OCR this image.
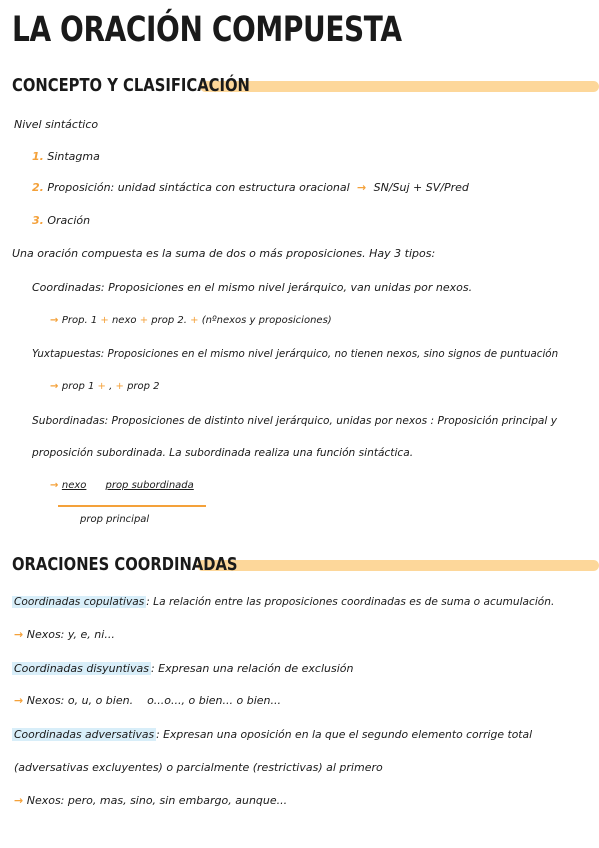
LA ORACIÓN COMPUESTA
CONCEPTO Y CLASIFICACIÓN
Nivel sintáctico
1. Sintagma
2. Proposición: unidad sintáctica con estructura oracional  →  SN/Suj + SV/Pred
3. Oración
Una oración compuesta es la suma de dos o más proposiciones. Hay 3 tipos:
Coordinadas: Proposiciones en el mismo nivel jerárquico, van unidas por nexos.
→ Prop. 1 + nexo + prop 2. + (nºnexos y proposiciones)
Yuxtapuestas: Proposiciones en el mismo nivel jerárquico, no tienen nexos, sino signos de puntuación
→ prop 1 + , + prop 2
Subordinadas: Proposiciones de distinto nivel jerárquico, unidas por nexos : Proposición principal y
proposición subordinada. La subordinada realiza una función sintáctica.
→ nexo prop subordinada
prop principal
ORACIONES COORDINADAS
Coordinadas copulativas : La relación entre las proposiciones coordinadas es de suma o acumulación.
→ Nexos: y, e, ni...
Coordinadas disyuntivas : Expresan una relación de exclusión
→ Nexos: o, u, o bien.    o...o..., o bien... o bien...
Coordinadas adversativas : Expresan una oposición en la que el segundo elemento corrige total
(adversativas excluyentes) o parcialmente (restrictivas) al primero
→ Nexos: pero, mas, sino, sin embargo, aunque...
